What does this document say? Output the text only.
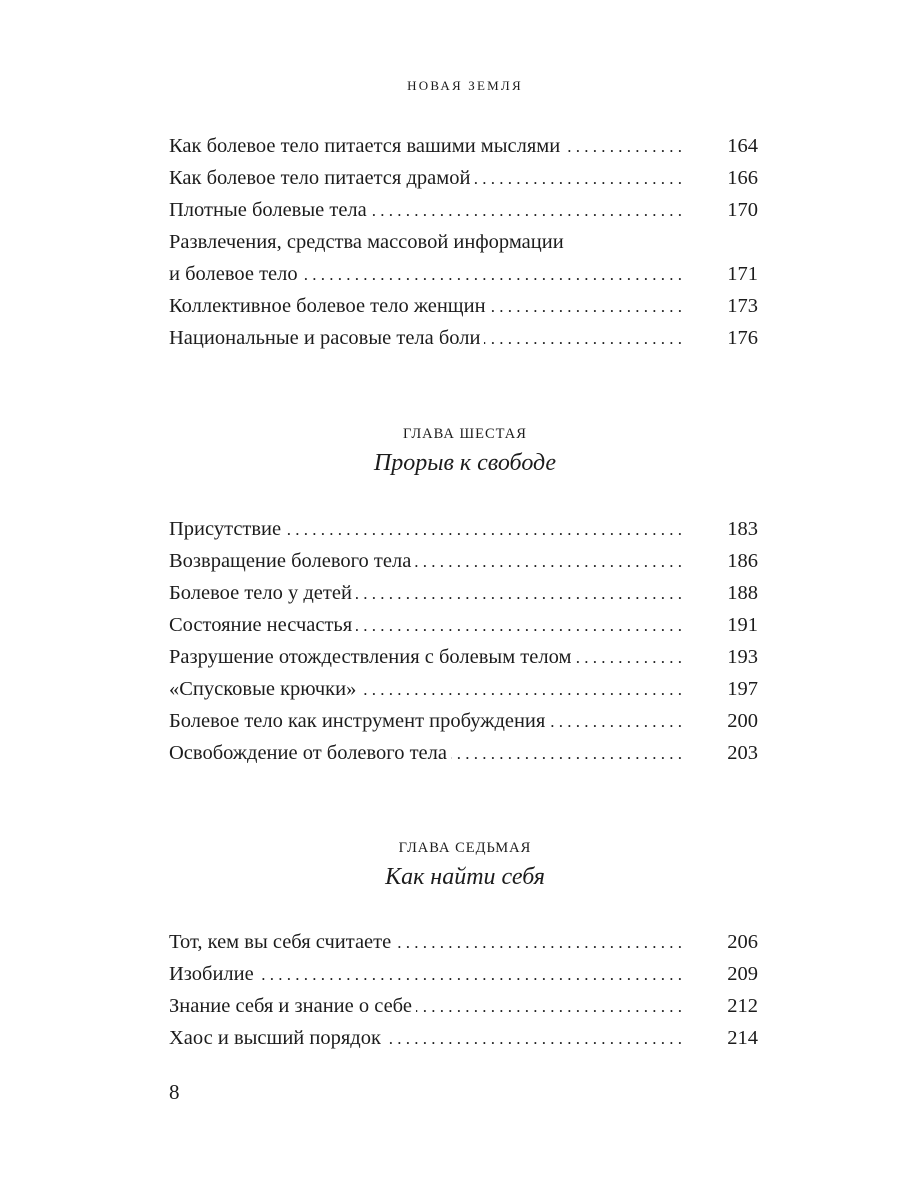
НОВАЯ ЗЕМЛЯ
Как болевое тело питается вашими мыслями . . .	164
Как болевое тело питается драмой . . .	166
Плотные болевые тела . . .	170
Развлечения, средства массовой информации
и болевое тело . . .	171
Коллективное болевое тело женщин . . .	173
Национальные и расовые тела боли . . .	176
ГЛАВА ШЕСТАЯ
Прорыв к свободе
Присутствие . . .	183
Возвращение болевого тела . . .	186
Болевое тело у детей . . .	188
Состояние несчастья . . .	191
Разрушение отождествления с болевым телом . . .	193
«Спусковые крючки» . . .	197
Болевое тело как инструмент пробуждения . . .	200
Освобождение от болевого тела . . .	203
ГЛАВА СЕДЬМАЯ
Как найти себя
Тот, кем вы себя считаете . . .	206
Изобилие . . .	209
Знание себя и знание о себе . . .	212
Хаос и высший порядок . . .	214
8
